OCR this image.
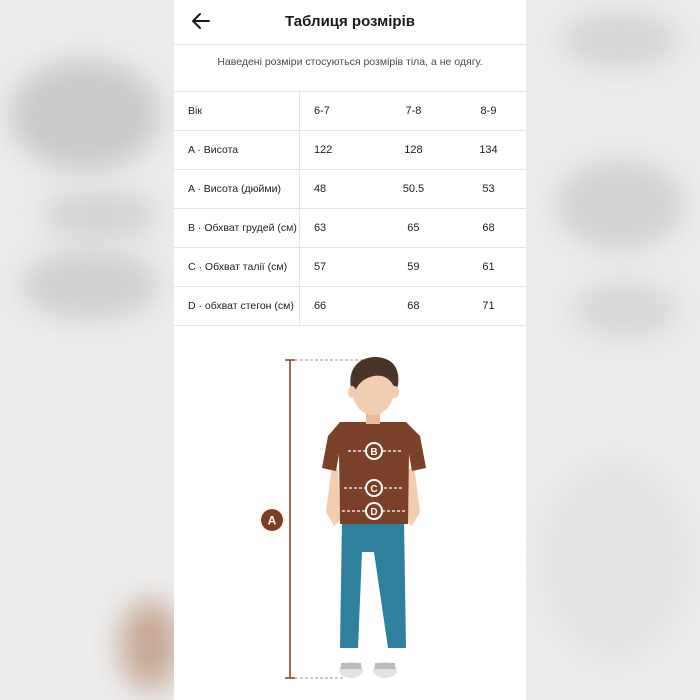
Таблиця розмірів
Наведені розміри стосуються розмірів тіла, а не одягу.
Вік	6-7	7-8	8-9
A · Висота	122	128	134
A · Висота (дюйми)	48	50.5	53
B · Обхват грудей (см)	63	65	68
C · Обхват талії (см)	57	59	61
D · обхват стегон (см)	66	68	71
A
B
C
D
